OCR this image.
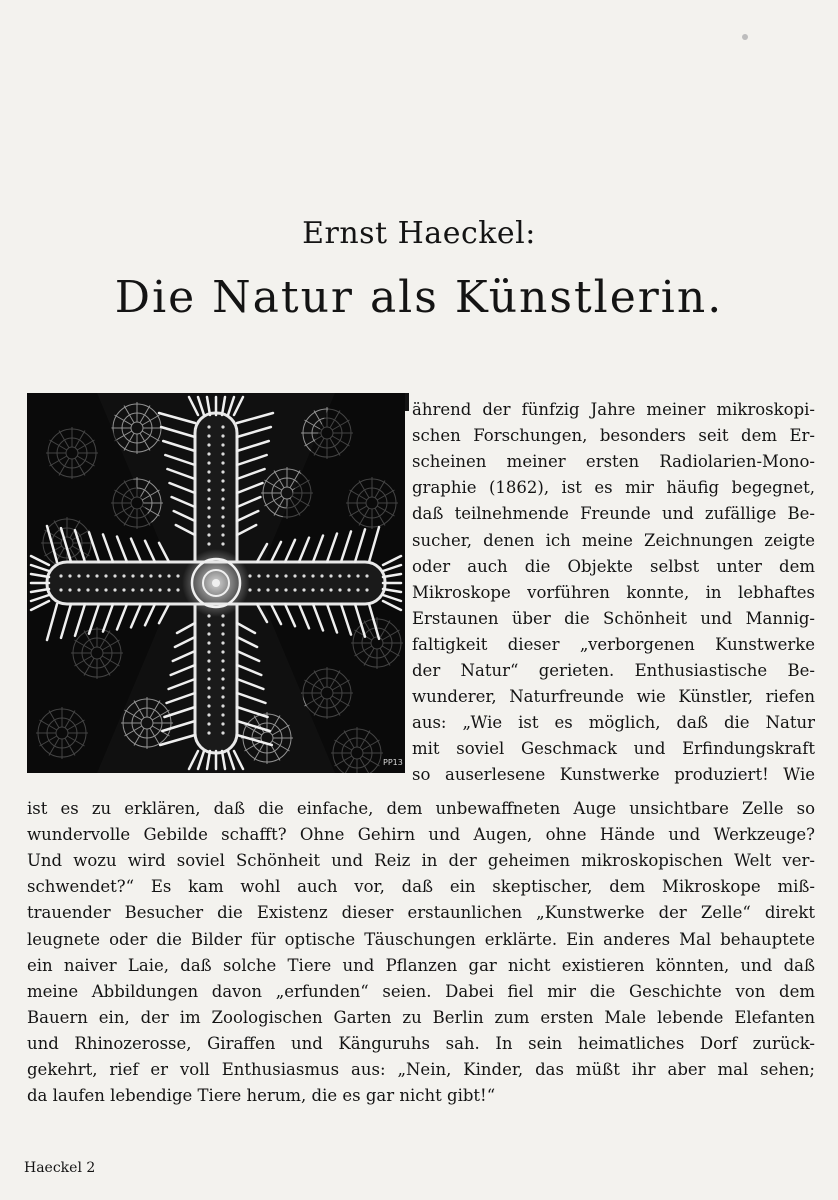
Ernst Haeckel:
Die Natur als Künstlerin.
PP13

ährend der fünfzig Jahre meiner mikroskopi-

schen Forschungen, besonders seit dem Er-

scheinen meiner ersten Radiolarien-Mono-

graphie (1862), ist es mir häufig begegnet,

daß teilnehmende Freunde und zufällige Be-

sucher, denen ich meine Zeichnungen zeigte

oder auch die Objekte selbst unter dem

Mikroskope vorführen konnte, in lebhaftes

Erstaunen über die Schönheit und Mannig-

faltigkeit dieser „verborgenen Kunstwerke

der Natur“ gerieten. Enthusiastische Be-

wunderer, Naturfreunde wie Künstler, riefen

aus: „Wie ist es möglich, daß die Natur

mit soviel Geschmack und Erfindungskraft

so auserlesene Kunstwerke produziert! Wie

ist es zu erklären, daß die einfache, dem unbewaffneten Auge unsichtbare Zelle so

wundervolle Gebilde schafft? Ohne Gehirn und Augen, ohne Hände und Werkzeuge?

Und wozu wird soviel Schönheit und Reiz in der geheimen mikroskopischen Welt ver-

schwendet?“ Es kam wohl auch vor, daß ein skeptischer, dem Mikroskope miß-

trauender Besucher die Existenz dieser erstaunlichen „Kunstwerke der Zelle“ direkt

leugnete oder die Bilder für optische Täuschungen erklärte. Ein anderes Mal behauptete

ein naiver Laie, daß solche Tiere und Pflanzen gar nicht existieren könnten, und daß

meine Abbildungen davon „erfunden“ seien. Dabei fiel mir die Geschichte von dem

Bauern ein, der im Zoologischen Garten zu Berlin zum ersten Male lebende Elefanten

und Rhinozerosse, Giraffen und Känguruhs sah. In sein heimatliches Dorf zurück-

gekehrt, rief er voll Enthusiasmus aus: „Nein, Kinder, das müßt ihr aber mal sehen;

da laufen lebendige Tiere herum, die es gar nicht gibt!“

Haeckel 2
